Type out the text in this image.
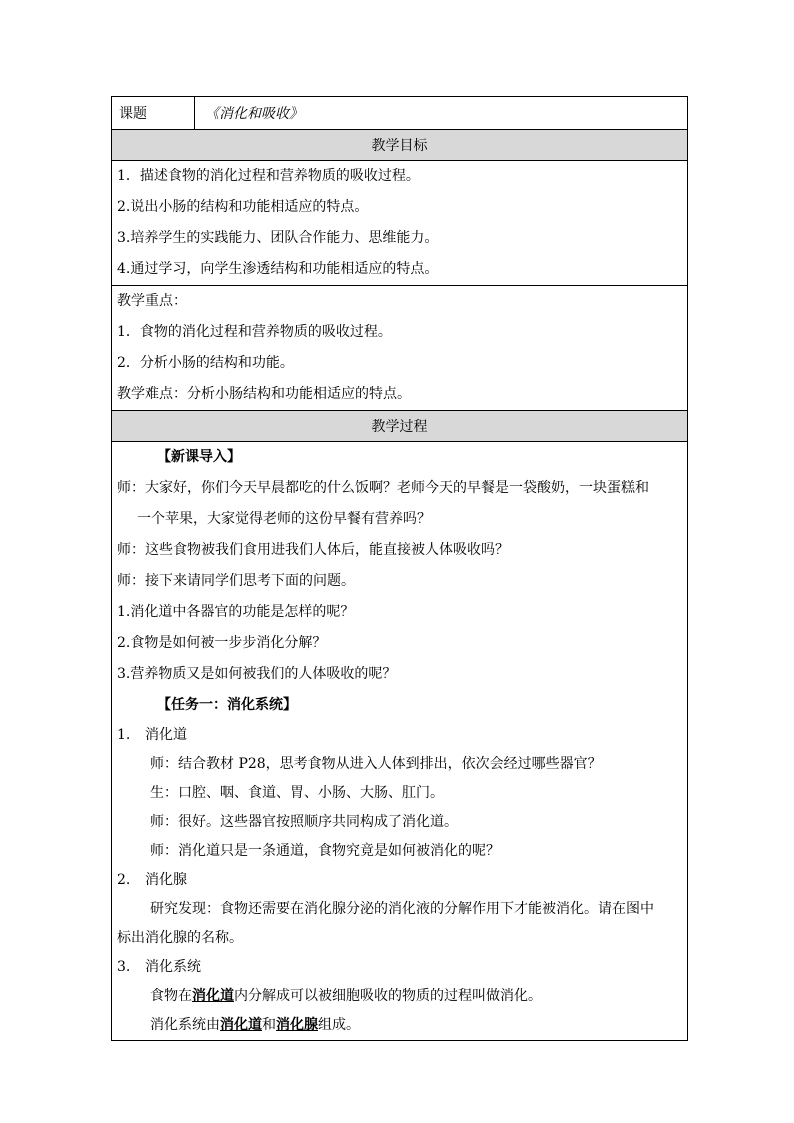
课题	《消化和吸收》
教学目标

1．描述食物的消化过程和营养物质的吸收过程。
2.说出小肠的结构和功能相适应的特点。
3.培养学生的实践能力、团队合作能力、思维能力。
4.通过学习，向学生渗透结构和功能相适应的特点。

教学重点：
1．食物的消化过程和营养物质的吸收过程。
2．分析小肠的结构和功能。
教学难点：分析小肠结构和功能相适应的特点。

教学过程

【新课导入】
师：大家好，你们今天早晨都吃的什么饭啊？老师今天的早餐是一袋酸奶，一块蛋糕和
一个苹果，大家觉得老师的这份早餐有营养吗？
师：这些食物被我们食用进我们人体后，能直接被人体吸收吗？
师：接下来请同学们思考下面的问题。
1.消化道中各器官的功能是怎样的呢？
2.食物是如何被一步步消化分解？
3.营养物质又是如何被我们的人体吸收的呢？
【任务一：消化系统】
1. 消化道
师：结合教材 P28，思考食物从进入人体到排出，依次会经过哪些器官？
生：口腔、咽、食道、胃、小肠、大肠、肛门。
师：很好。这些器官按照顺序共同构成了消化道。
师：消化道只是一条通道，食物究竟是如何被消化的呢？
2. 消化腺
研究发现：食物还需要在消化腺分泌的消化液的分解作用下才能被消化。请在图中
标出消化腺的名称。
3. 消化系统
食物在消化道内分解成可以被细胞吸收的物质的过程叫做消化。
消化系统由消化道和消化腺组成。
